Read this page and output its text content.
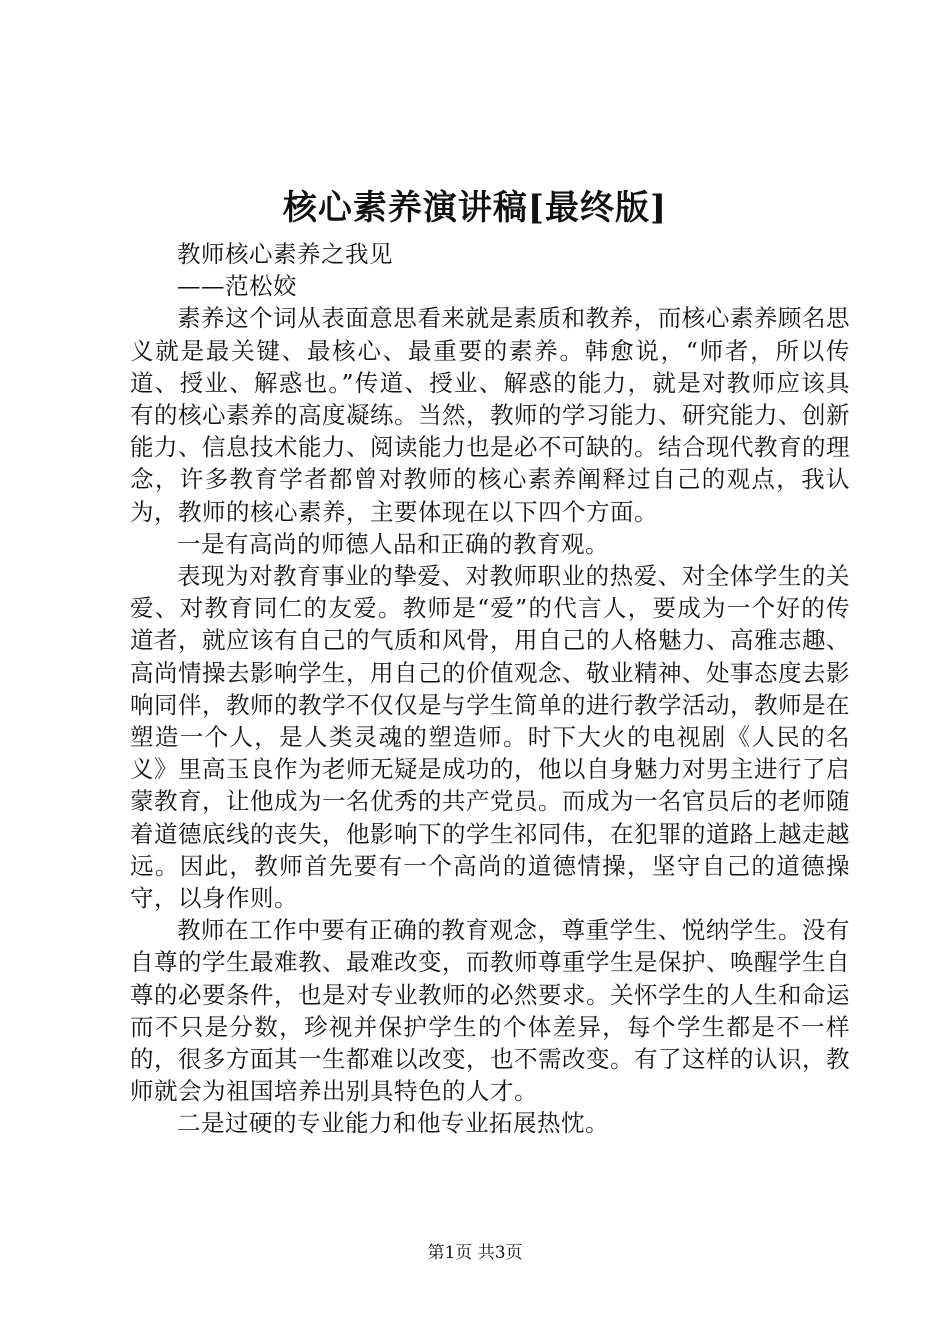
核心素养演讲稿[最终版]

教师核心素养之我见

——范松姣

素养这个词从表面意思看来就是素质和教养，而核心素养顾名思义就是最关键、最核心、最重要的素养。韩愈说，“师者，所以传道、授业、解惑也。”传道、授业、解惑的能力，就是对教师应该具有的核心素养的高度凝练。当然，教师的学习能力、研究能力、创新能力、信息技术能力、阅读能力也是必不可缺的。结合现代教育的理念，许多教育学者都曾对教师的核心素养阐释过自己的观点，我认为，教师的核心素养，主要体现在以下四个方面。

一是有高尚的师德人品和正确的教育观。

表现为对教育事业的挚爱、对教师职业的热爱、对全体学生的关爱、对教育同仁的友爱。教师是“爱”的代言人，要成为一个好的传道者，就应该有自己的气质和风骨，用自己的人格魅力、高雅志趣、高尚情操去影响学生，用自己的价值观念、敬业精神、处事态度去影响同伴，教师的教学不仅仅是与学生简单的进行教学活动，教师是在塑造一个人，是人类灵魂的塑造师。时下大火的电视剧《人民的名义》里高玉良作为老师无疑是成功的，他以自身魅力对男主进行了启蒙教育，让他成为一名优秀的共产党员。而成为一名官员后的老师随着道德底线的丧失，他影响下的学生祁同伟，在犯罪的道路上越走越远。因此，教师首先要有一个高尚的道德情操，坚守自己的道德操守，以身作则。

教师在工作中要有正确的教育观念，尊重学生、悦纳学生。没有自尊的学生最难教、最难改变，而教师尊重学生是保护、唤醒学生自尊的必要条件，也是对专业教师的必然要求。关怀学生的人生和命运而不只是分数，珍视并保护学生的个体差异，每个学生都是不一样的，很多方面其一生都难以改变，也不需改变。有了这样的认识，教师就会为祖国培养出别具特色的人才。

二是过硬的专业能力和他专业拓展热忱。

第1页 共3页
